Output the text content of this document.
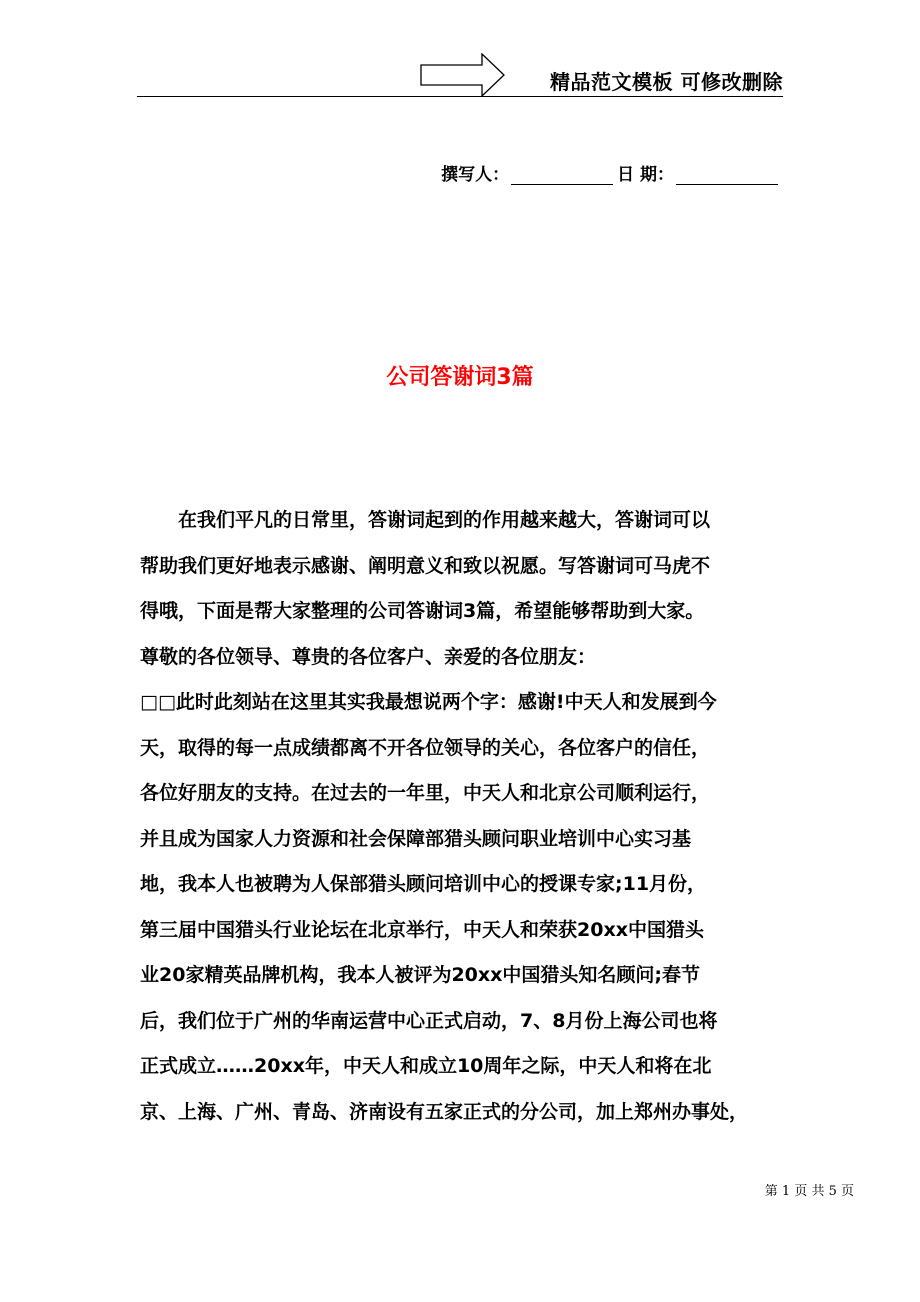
精品范文模板 可修改删除
撰写人：	日 期：
公司答谢词3篇
　　在我们平凡的日常里，答谢词起到的作用越来越大，答谢词可以
帮助我们更好地表示感谢、阐明意义和致以祝愿。写答谢词可马虎不
得哦，下面是帮大家整理的公司答谢词3篇，希望能够帮助到大家。
尊敬的各位领导、尊贵的各位客户、亲爱的各位朋友：
□□此时此刻站在这里其实我最想说两个字：感谢!中天人和发展到今
天，取得的每一点成绩都离不开各位领导的关心，各位客户的信任，
各位好朋友的支持。在过去的一年里，中天人和北京公司顺利运行，
并且成为国家人力资源和社会保障部猎头顾问职业培训中心实习基
地，我本人也被聘为人保部猎头顾问培训中心的授课专家;11月份，
第三届中国猎头行业论坛在北京举行，中天人和荣获20xx中国猎头
业20家精英品牌机构，我本人被评为20xx中国猎头知名顾问;春节
后，我们位于广州的华南运营中心正式启动，7、8月份上海公司也将
正式成立……20xx年，中天人和成立10周年之际，中天人和将在北
京、上海、广州、青岛、济南设有五家正式的分公司，加上郑州办事处，
第 1 页 共 5 页
